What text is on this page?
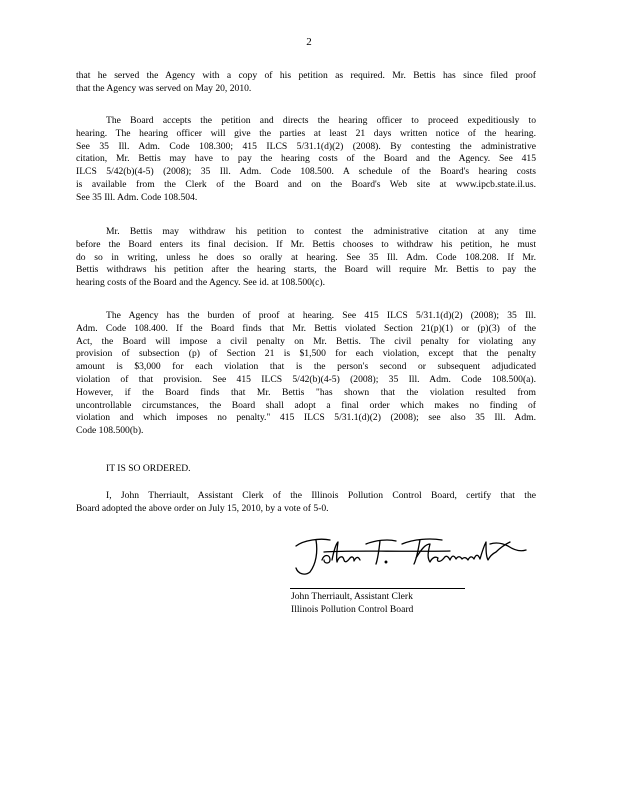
2

that he served the Agency with a copy of his petition as required. Mr. Bettis has since filed proof
that the Agency was served on May 20, 2010.

The Board accepts the petition and directs the hearing officer to proceed expeditiously to
hearing. The hearing officer will give the parties at least 21 days written notice of the hearing.
See 35 Ill. Adm. Code 108.300; 415 ILCS 5/31.1(d)(2) (2008). By contesting the administrative
citation, Mr. Bettis may have to pay the hearing costs of the Board and the Agency. See 415
ILCS 5/42(b)(4-5) (2008); 35 Ill. Adm. Code 108.500. A schedule of the Board's hearing costs
is available from the Clerk of the Board and on the Board's Web site at www.ipcb.state.il.us.
See 35 Ill. Adm. Code 108.504.

Mr. Bettis may withdraw his petition to contest the administrative citation at any time
before the Board enters its final decision. If Mr. Bettis chooses to withdraw his petition, he must
do so in writing, unless he does so orally at hearing. See 35 Ill. Adm. Code 108.208. If Mr.
Bettis withdraws his petition after the hearing starts, the Board will require Mr. Bettis to pay the
hearing costs of the Board and the Agency. See id. at 108.500(c).

The Agency has the burden of proof at hearing. See 415 ILCS 5/31.1(d)(2) (2008); 35 Ill.
Adm. Code 108.400. If the Board finds that Mr. Bettis violated Section 21(p)(1) or (p)(3) of the
Act, the Board will impose a civil penalty on Mr. Bettis. The civil penalty for violating any
provision of subsection (p) of Section 21 is $1,500 for each violation, except that the penalty
amount is $3,000 for each violation that is the person's second or subsequent adjudicated
violation of that provision. See 415 ILCS 5/42(b)(4-5) (2008); 35 Ill. Adm. Code 108.500(a).
However, if the Board finds that Mr. Bettis "has shown that the violation resulted from
uncontrollable circumstances, the Board shall adopt a final order which makes no finding of
violation and which imposes no penalty." 415 ILCS 5/31.1(d)(2) (2008); see also 35 Ill. Adm.
Code 108.500(b).

IT IS SO ORDERED.

I, John Therriault, Assistant Clerk of the Illinois Pollution Control Board, certify that the
Board adopted the above order on July 15, 2010, by a vote of 5-0.

John Therriault, Assistant Clerk
Illinois Pollution Control Board
